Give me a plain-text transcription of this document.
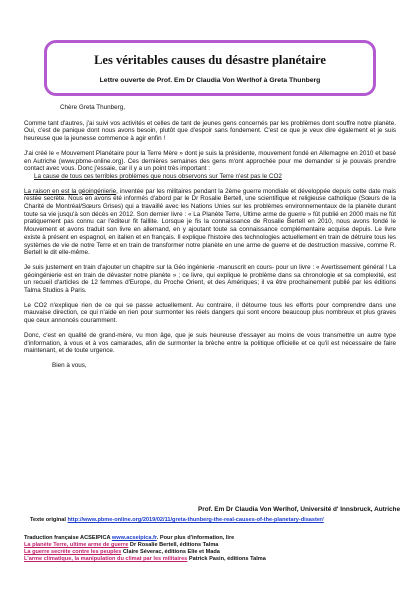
Les véritables causes du désastre planétaire
Lettre ouverte de Prof. Em Dr Claudia Von Werlhof à Greta Thunberg

Chère Greta Thunberg,

Comme tant d'autres, j'ai suivi vos activités et celles de tant de jeunes gens concernés par les problèmes dont souffre notre planète. Oui, c'est de panique dont nous avons besoin, plutôt que d'espoir sans fondement. C'est ce que je veux dire également et je suis heureuse que la jeunesse commence à agir enfin !

J'ai créé le « Mouvement Planétaire pour la Terre Mère » dont je suis la présidente, mouvement fondé en Allemagne en 2010 et basé en Autriche (www.pbme-online.org). Ces dernières semaines des gens m'ont approchée pour me demander si je pouvais prendre contact avec vous. Donc j'essaie, car il y a un point très important :
La cause de tous ces terribles problèmes que nous observons sur Terre n'est pas le CO2

La raison en est la géoingénierie, inventée par les militaires pendant la 2ème guerre mondiale et développée depuis cette date mais restée secrète. Nous en avons été informés d'abord par le Dr Rosalie Bertell, une scientifique et religieuse catholique (Sœurs de la Charité de Montréal/Sœurs Grises) qui a travaillé avec les Nations Unies sur les problèmes environnementaux de la planète durant toute sa vie jusqu'à son décès en 2012. Son dernier livre : « La Planète Terre, Ultime arme de guerre » fût publié en 2000 mais ne fût pratiquement pas connu car l'éditeur fit faillite. Lorsque je fis la connaissance de Rosalie Bertell en 2010, nous avons fondé le Mouvement et avons traduit son livre en allemand, en y ajoutant toute sa connaissance complémentaire acquise depuis. Le livre existe à présent en espagnol, en italien et en français. Il explique l'histoire des technologies actuellement en train de détruire tous les systèmes de vie de notre Terre et en train de transformer notre planète en une arme de guerre et de destruction massive, comme R. Bertell le dit elle-même.

Je suis justement en train d'ajouter un chapitre sur la Géo ingénierie -manuscrit en cours- pour un livre : « Avertissement général ! La géoingénierie est en train de dévaster notre planète » ; ce livre, qui explique le problème dans sa chronologie et sa complexité, est un recueil d'articles de 12 femmes d'Europe, du Proche Orient, et des Amériques; il va être prochainement publié par les éditions Talma Studios à Paris.

Le CO2 n'explique rien de ce qui se passe actuellement. Au contraire, il détourne tous les efforts pour comprendre dans une mauvaise direction, ce qui n'aide en rien pour surmonter les réels dangers qui sont encore beaucoup plus nombreux et plus graves que ceux annoncés couramment.

Donc, c'est en qualité de grand-mère, vu mon âge, que je suis heureuse d'essayer au moins de vous transmettre un autre type d'information, à vous et à vos camarades, afin de surmonter la brèche entre la politique officielle et ce qu'il est nécessaire de faire maintenant, et de toute urgence.

Bien à vous,

Prof. Em Dr Claudia Von Werlhof, Université d' Innsbruck, Autriche
Texte original http://www.pbme-online.org/2019/02/11/greta-thunberg-the-real-causes-of-the-planetary-disaster/
Traduction française ACSEIPICA www.acseipica.fr. Pour plus d'information, lire
La planète Terre, ultime arme de guerre Dr Rosalie Bertell, éditions Talma
La guerre secrète contre les peuples Claire Séverac, éditions Elie et Mada
L'arme climatique, la manipulation du climat par les militaires Patrick Pasin, éditions Talma
